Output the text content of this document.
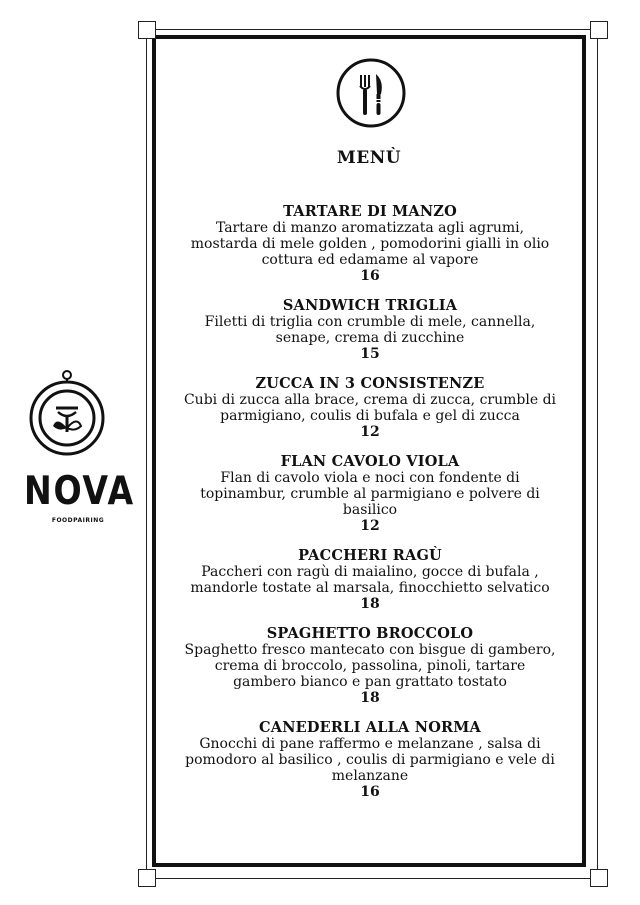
MENÙ
TARTARE DI MANZO
Tartare di manzo aromatizzata agli agrumi,
mostarda di mele golden , pomodorini gialli in olio
cottura ed edamame al vapore
16
SANDWICH TRIGLIA
Filetti di triglia con crumble di mele, cannella,
senape, crema di zucchine
15
ZUCCA IN 3 CONSISTENZE
Cubi di zucca alla brace, crema di zucca, crumble di
parmigiano, coulis di bufala e gel di zucca
12
FLAN CAVOLO VIOLA
Flan di cavolo viola e noci con fondente di
topinambur, crumble al parmigiano e polvere di
basilico
12
PACCHERI RAGÙ
Paccheri con ragù di maialino, gocce di bufala ,
mandorle tostate al marsala, finocchietto selvatico
18
SPAGHETTO BROCCOLO
Spaghetto fresco mantecato con bisgue di gambero,
crema di broccolo, passolina, pinoli, tartare
gambero bianco e pan grattato tostato
18
CANEDERLI ALLA NORMA
Gnocchi di pane raffermo e melanzane , salsa di
pomodoro al basilico , coulis di parmigiano e vele di
melanzane
16
NOVA
FOODPAIRING
